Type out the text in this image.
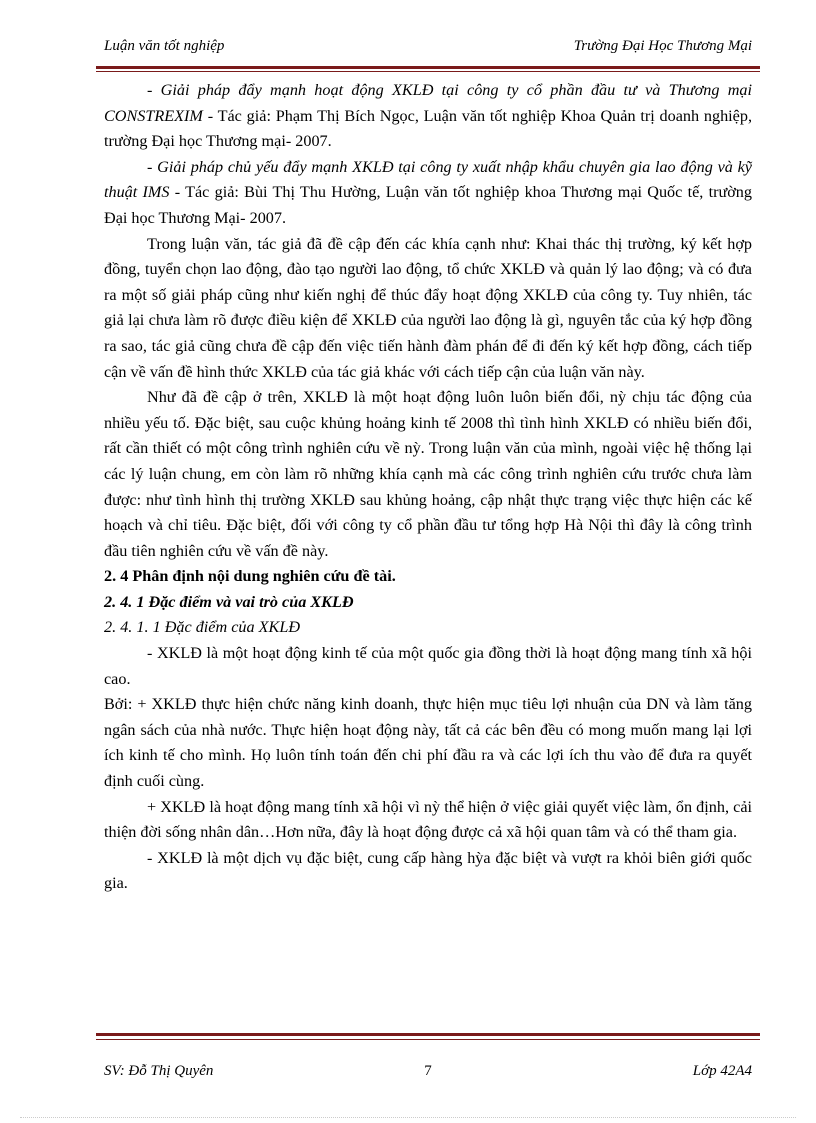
Luận văn tốt nghiệp	Trường Đại Học Thương Mại

- Giải pháp đẩy mạnh hoạt động XKLĐ tại công ty cổ phần đầu tư và Thương mại CONSTREXIM - Tác giả: Phạm Thị Bích Ngọc, Luận văn tốt nghiệp Khoa Quản trị doanh nghiệp, trường Đại học Thương mại- 2007.

- Giải pháp chủ yếu đẩy mạnh XKLĐ tại công ty xuất nhập khẩu chuyên gia lao động và kỹ thuật IMS - Tác giả: Bùi Thị Thu Hường, Luận văn tốt nghiệp khoa Thương mại Quốc tế, trường Đại học Thương Mại- 2007.

Trong luận văn, tác giả đã đề cập đến các khía cạnh như: Khai thác thị trường, ký kết hợp đồng, tuyển chọn lao động, đào tạo người lao động, tổ chức XKLĐ và quản lý lao động; và có đưa ra một số giải pháp cũng như kiến nghị để thúc đẩy hoạt động XKLĐ của công ty. Tuy nhiên, tác giả lại chưa làm rõ được điều kiện để XKLĐ của người lao động là gì, nguyên tắc của ký hợp đồng ra sao, tác giả cũng chưa đề cập đến việc tiến hành đàm phán để đi đến ký kết hợp đồng, cách tiếp cận về vấn đề hình thức XKLĐ của tác giả khác với cách tiếp cận của luận văn này.

Như đã đề cập ở trên, XKLĐ là một hoạt động luôn luôn biến đổi, nỳ chịu tác động của nhiều yếu tố. Đặc biệt, sau cuộc khủng hoảng kinh tế 2008 thì tình hình XKLĐ có nhiều biến đổi, rất cần thiết có một công trình nghiên cứu về nỳ. Trong luận văn của mình, ngoài việc hệ thống lại các lý luận chung, em còn làm rõ những khía cạnh mà các công trình nghiên cứu trước chưa làm được: như tình hình thị trường XKLĐ sau khủng hoảng, cập nhật thực trạng việc thực hiện các kế hoạch và chỉ tiêu. Đặc biệt, đối với công ty cổ phần đầu tư tổng hợp Hà Nội thì đây là công trình đầu tiên nghiên cứu về vấn đề này.

2. 4 Phân định nội dung nghiên cứu đề tài.

2. 4. 1 Đặc điểm và vai trò của XKLĐ

2. 4. 1. 1 Đặc điểm của XKLĐ

- XKLĐ là một hoạt động kinh tế của một quốc gia đồng thời là hoạt động mang tính xã hội cao.

Bởi: + XKLĐ thực hiện chức năng kinh doanh, thực hiện mục tiêu lợi nhuận của DN và làm tăng ngân sách của nhà nước. Thực hiện hoạt động này, tất cả các bên đều có mong muốn mang lại lợi ích kinh tế cho mình. Họ luôn tính toán đến chi phí đầu ra và các lợi ích thu vào để đưa ra quyết định cuối cùng.

+ XKLĐ là hoạt động mang tính xã hội vì nỳ thể hiện ở việc giải quyết việc làm, ổn định, cải thiện đời sống nhân dân…Hơn nữa, đây là hoạt động được cả xã hội quan tâm và có thể tham gia.

- XKLĐ là một dịch vụ đặc biệt, cung cấp hàng hỳa đặc biệt và vượt ra khỏi biên giới quốc gia.

SV: Đỗ Thị Quyên	7	Lớp 42A4
